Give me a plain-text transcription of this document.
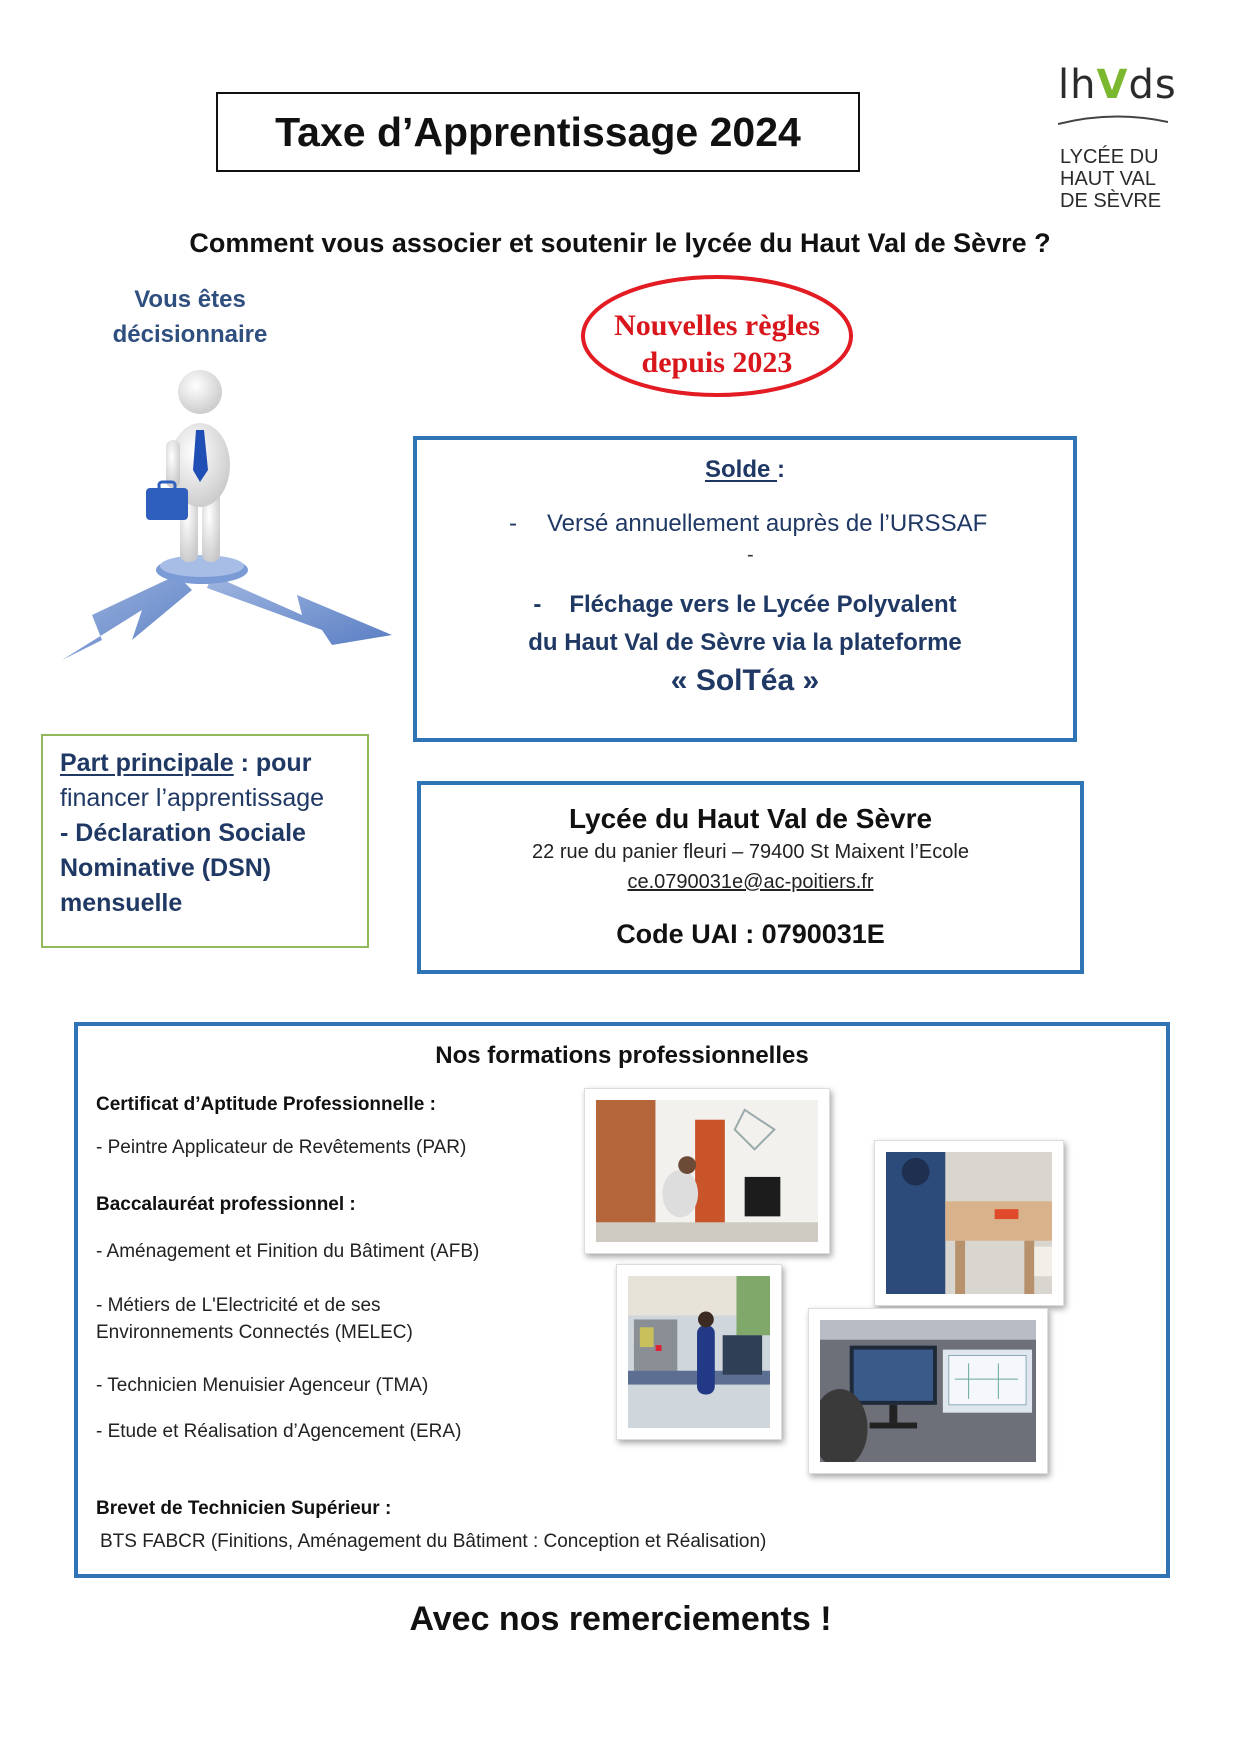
Taxe d’Apprentissage 2024
lhVds
LYCÉE DU
HAUT VAL
DE SÈVRE
Comment vous associer et soutenir le lycée du Haut Val de Sèvre ?
Vous êtes
décisionnaire	Nouvelles règles
depuis 2023
Solde :
- Versé annuellement auprès de l’URSSAF
-
- Fléchage vers le Lycée Polyvalent
du Haut Val de Sèvre via la plateforme
« SolTéa »
Part principale : pour
financer l’apprentissage
- Déclaration Sociale
Nominative (DSN)
mensuelle
Lycée du Haut Val de Sèvre
22 rue du panier fleuri – 79400 St Maixent l’Ecole
ce.0790031e@ac-poitiers.fr
Code UAI : 0790031E
Nos formations professionnelles
Certificat d’Aptitude Professionnelle :
- Peintre Applicateur de Revêtements (PAR)
Baccalauréat professionnel :
- Aménagement et Finition du Bâtiment (AFB)
- Métiers de L'Electricité et de ses
Environnements Connectés (MELEC)
- Technicien Menuisier Agenceur (TMA)
- Etude et Réalisation d’Agencement (ERA)
Brevet de Technicien Supérieur :
BTS FABCR (Finitions, Aménagement du Bâtiment : Conception et Réalisation)
Avec nos remerciements !
